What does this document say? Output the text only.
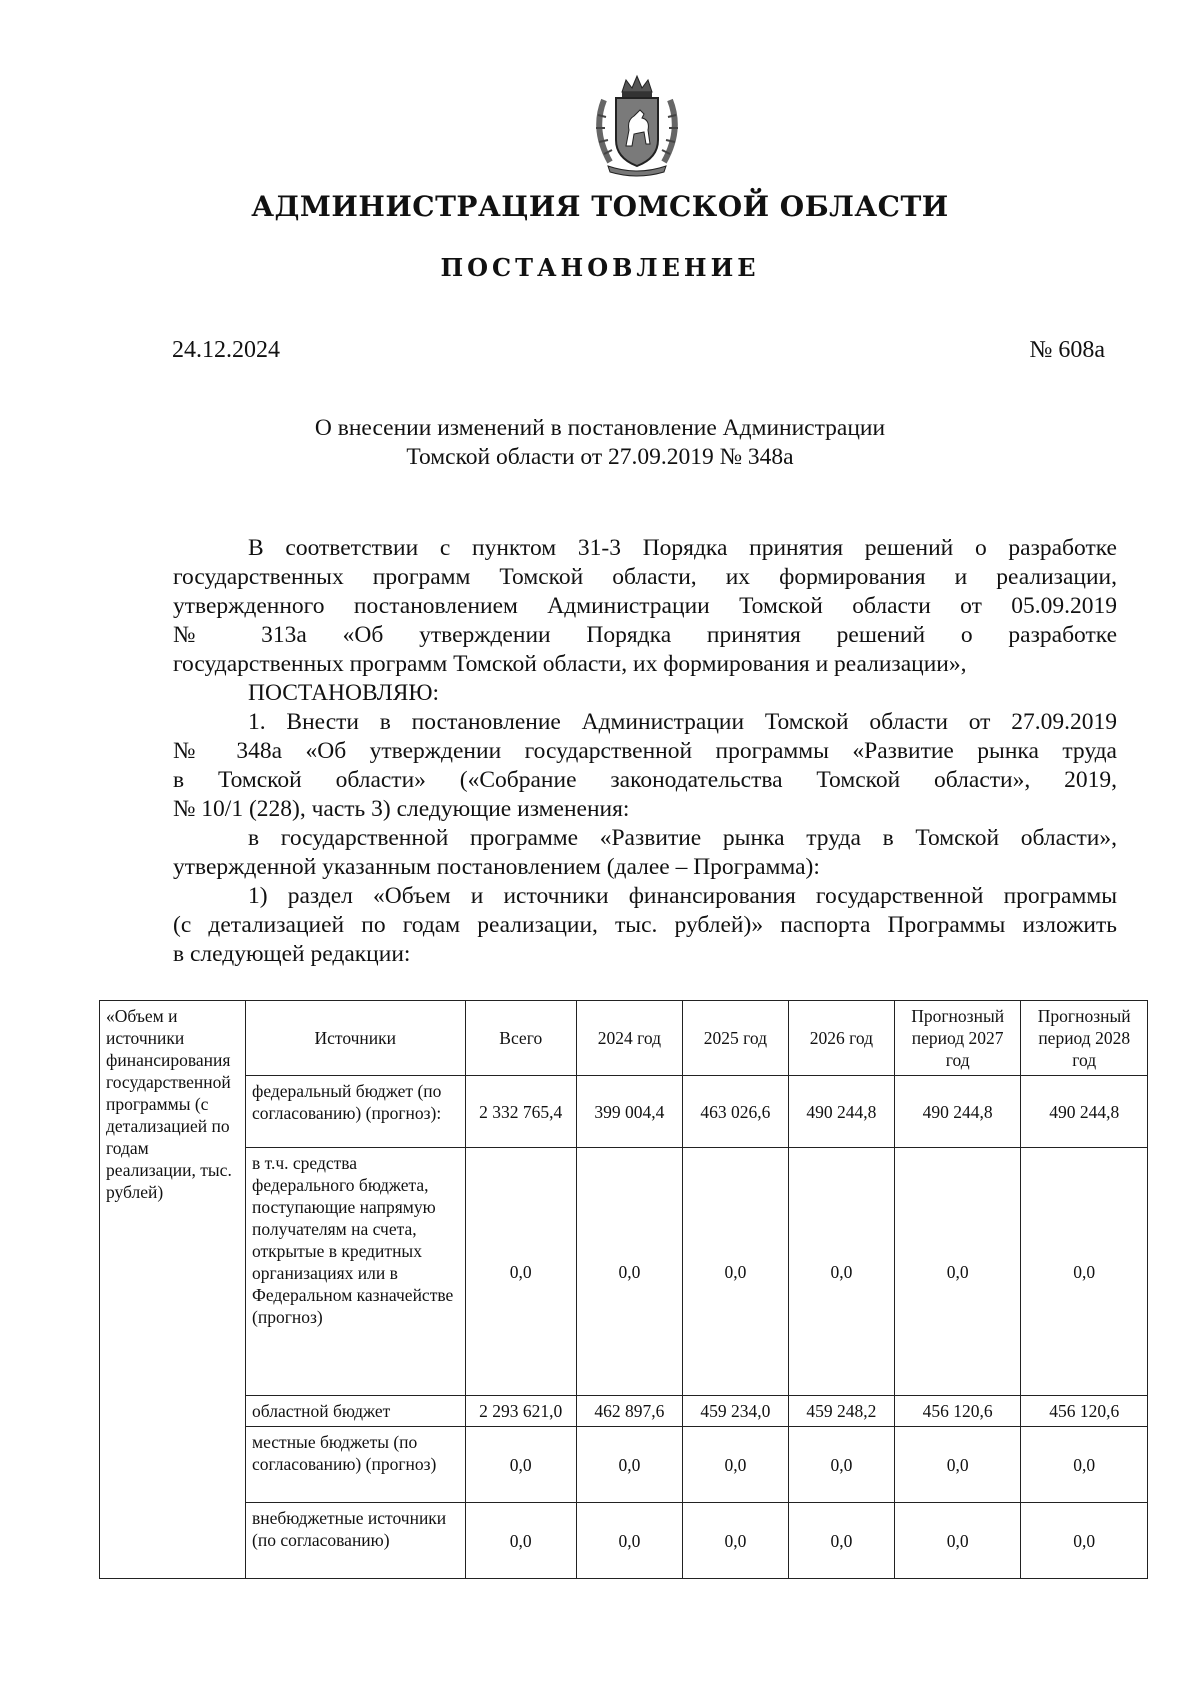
АДМИНИСТРАЦИЯ ТОМСКОЙ ОБЛАСТИ
ПОСТАНОВЛЕНИЕ
24.12.2024	№ 608а
О внесении изменений в постановление Администрации
Томской области от 27.09.2019 № 348а

В соответствии с пунктом 31-3 Порядка принятия решений о разработке

государственных программ Томской области, их формирования и реализации,

утвержденного постановлением Администрации Томской области от 05.09.2019

№ 313а «Об утверждении Порядка принятия решений о разработке

государственных программ Томской области, их формирования и реализации»,

ПОСТАНОВЛЯЮ:

1. Внести в постановление Администрации Томской области от 27.09.2019

№ 348а «Об утверждении государственной программы «Развитие рынка труда

в Томской области» («Собрание законодательства Томской области», 2019,

№ 10/1 (228), часть 3) следующие изменения:

в государственной программе «Развитие рынка труда в Томской области»,

утвержденной указанным постановлением (далее – Программа):

1) раздел «Объем и источники финансирования государственной программы

(с детализацией по годам реализации, тыс. рублей)» паспорта Программы изложить

в следующей редакции:

«Объем и источники финансирования государственной программы (с детализацией по годам реализации, тыс. рублей)	Источники	Всего	2024 год	2025 год	2026 год	Прогнозный период 2027 год	Прогнозный период 2028 год
	федеральный бюджет (по согласованию) (прогноз):	2 332 765,4	399 004,4	463 026,6	490 244,8	490 244,8	490 244,8
	в т.ч. средства федерального бюджета, поступающие напрямую получателям на счета, открытые в кредитных организациях или в Федеральном казначействе (прогноз)	0,0	0,0	0,0	0,0	0,0	0,0
	областной бюджет	2 293 621,0	462 897,6	459 234,0	459 248,2	456 120,6	456 120,6
	местные бюджеты (по согласованию) (прогноз)	0,0	0,0	0,0	0,0	0,0	0,0
	внебюджетные источники (по согласованию)	0,0	0,0	0,0	0,0	0,0	0,0
